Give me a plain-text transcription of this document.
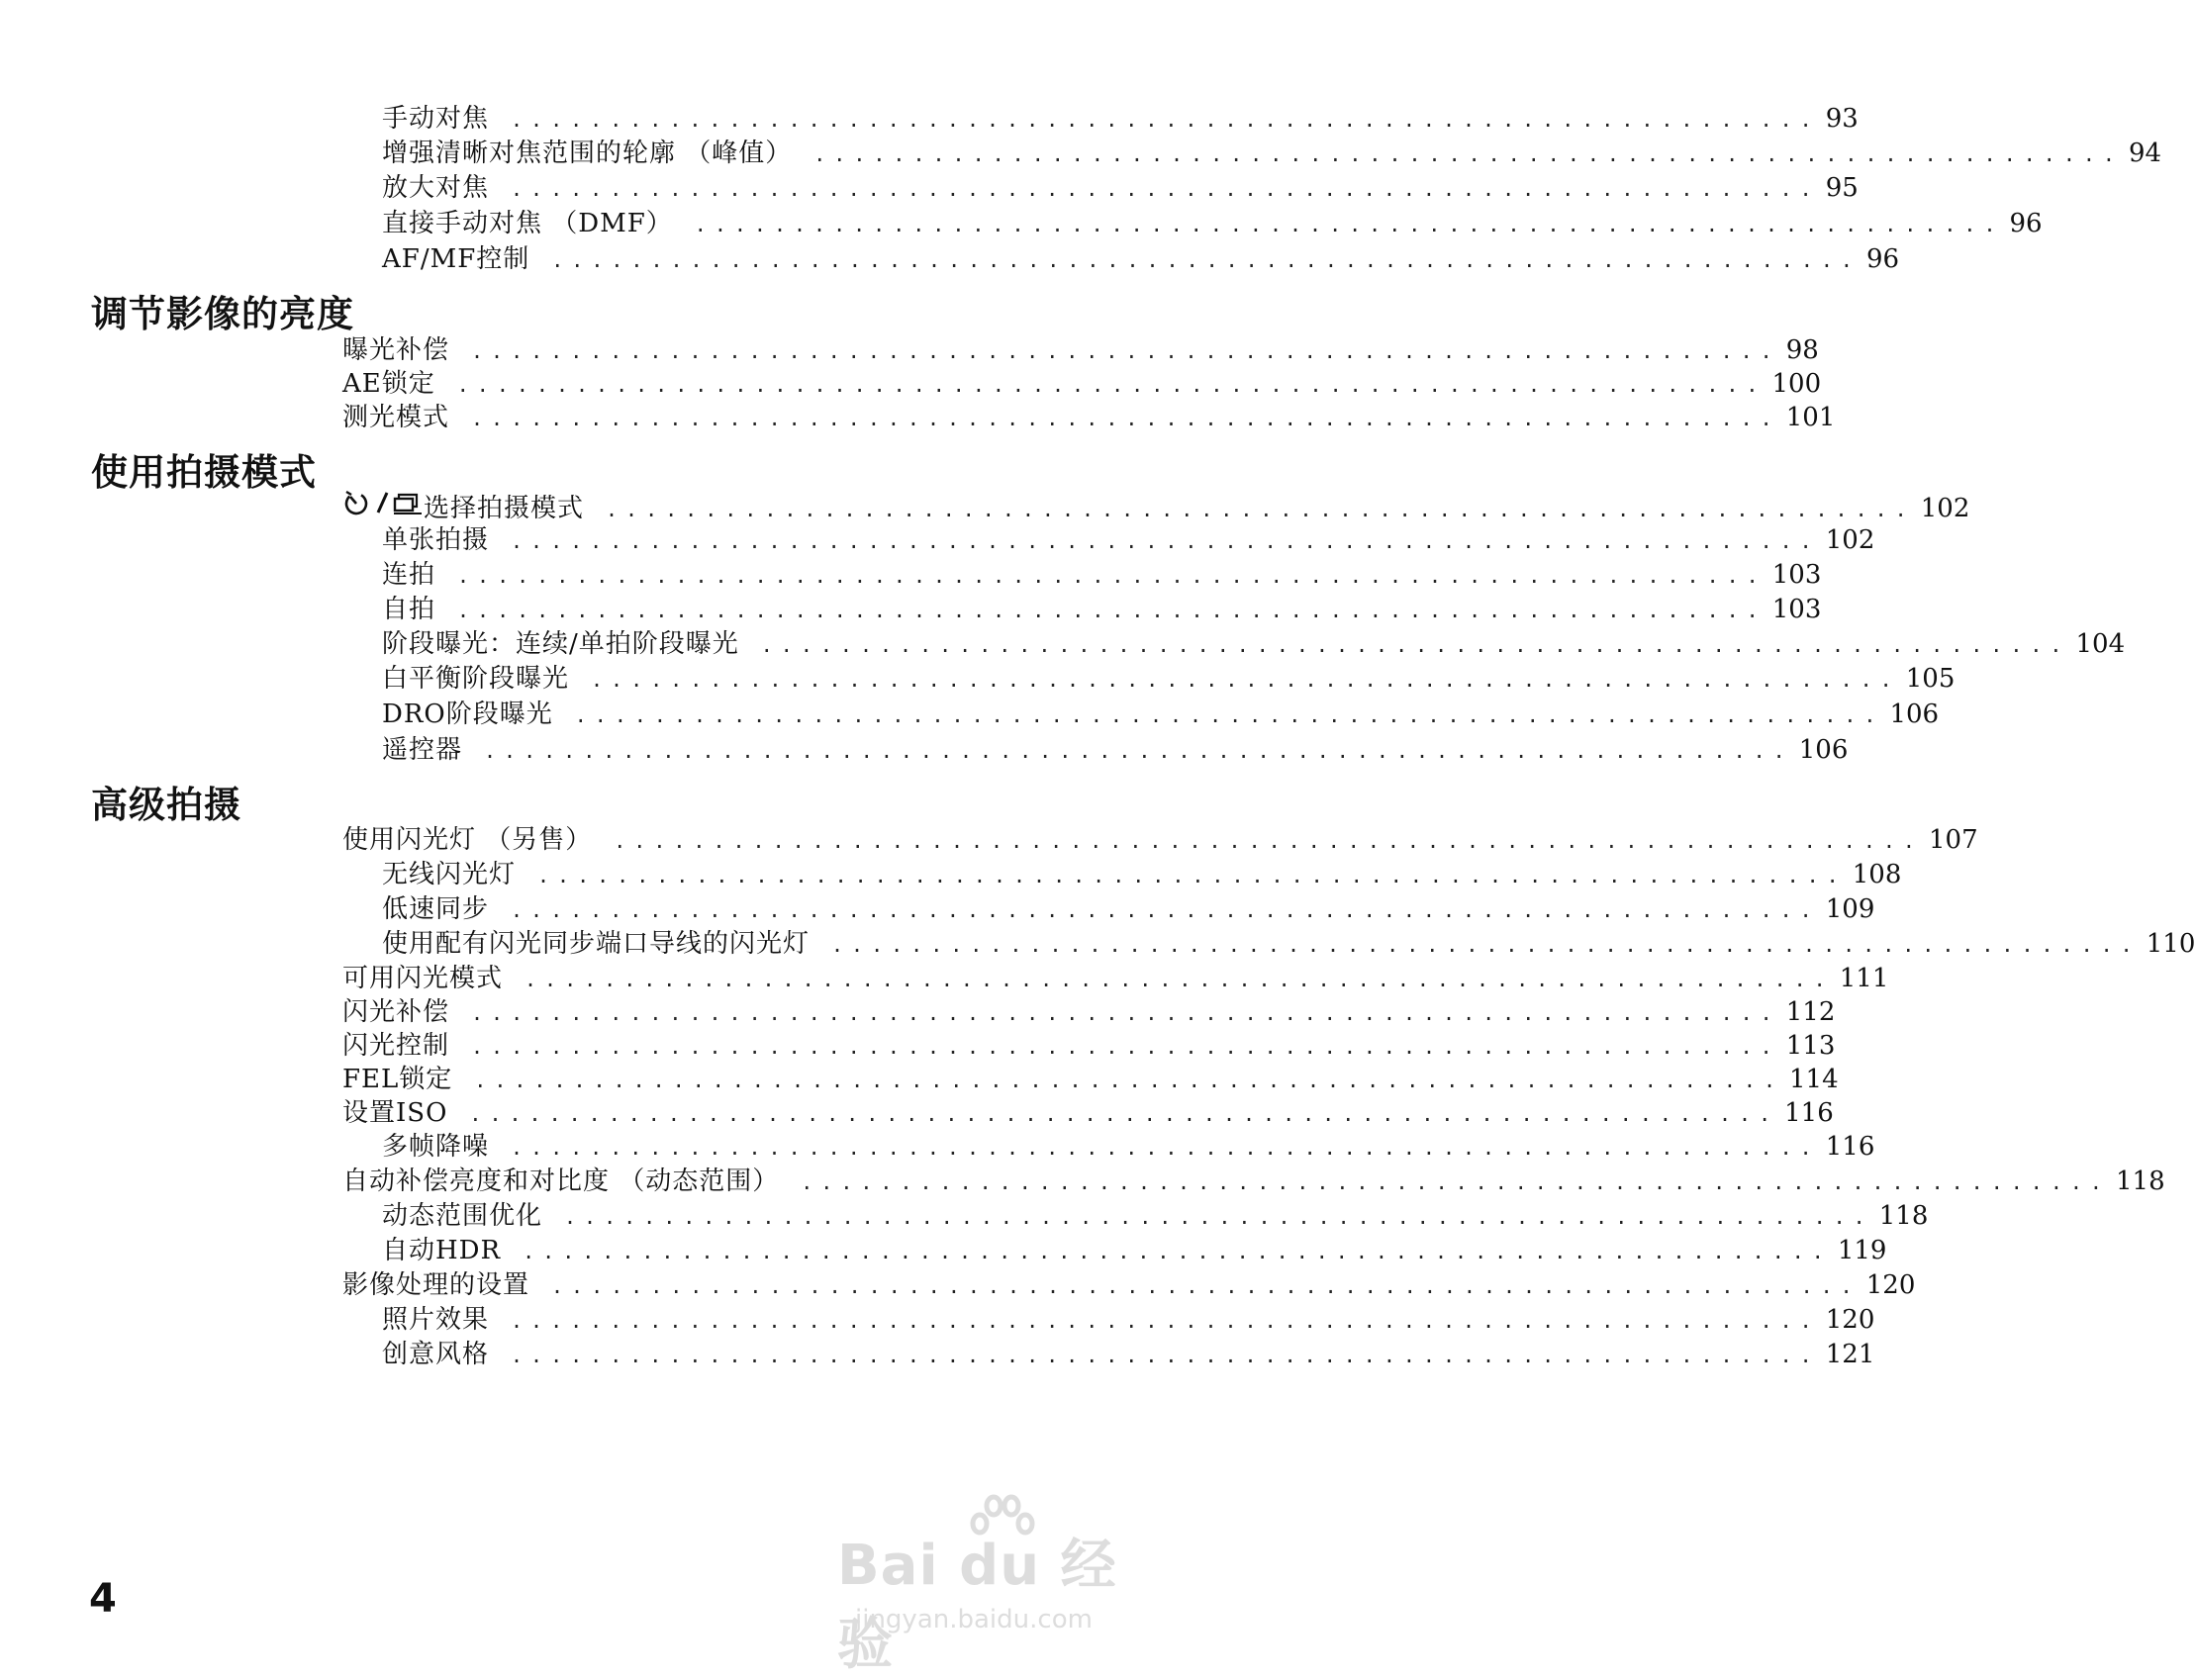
调节影像的亮度
使用拍摄模式
高级拍摄
手动对焦 .................................................................. 93
增强清晰对焦范围的轮廓 （峰值） .................................................................. 94
放大对焦 .................................................................. 95
直接手动对焦 （DMF） .................................................................. 96
AF/MF控制 .................................................................. 96
曝光补偿 .................................................................. 98
AE锁定 .................................................................. 100
测光模式 .................................................................. 101
选择拍摄模式 .................................................................. 102
单张拍摄 .................................................................. 102
连拍 .................................................................. 103
自拍 .................................................................. 103
阶段曝光：连续/单拍阶段曝光 .................................................................. 104
白平衡阶段曝光 .................................................................. 105
DRO阶段曝光 .................................................................. 106
遥控器 .................................................................. 106
使用闪光灯 （另售） .................................................................. 107
无线闪光灯 .................................................................. 108
低速同步 .................................................................. 109
使用配有闪光同步端口导线的闪光灯 .................................................................. 110
可用闪光模式 .................................................................. 111
闪光补偿 .................................................................. 112
闪光控制 .................................................................. 113
FEL锁定 .................................................................. 114
设置ISO .................................................................. 116
多帧降噪 .................................................................. 116
自动补偿亮度和对比度 （动态范围） .................................................................. 118
动态范围优化 .................................................................. 118
自动HDR .................................................................. 119
影像处理的设置 .................................................................. 120
照片效果 .................................................................. 120
创意风格 .................................................................. 121
Bai du 经验
jingyan.baidu.com
4
